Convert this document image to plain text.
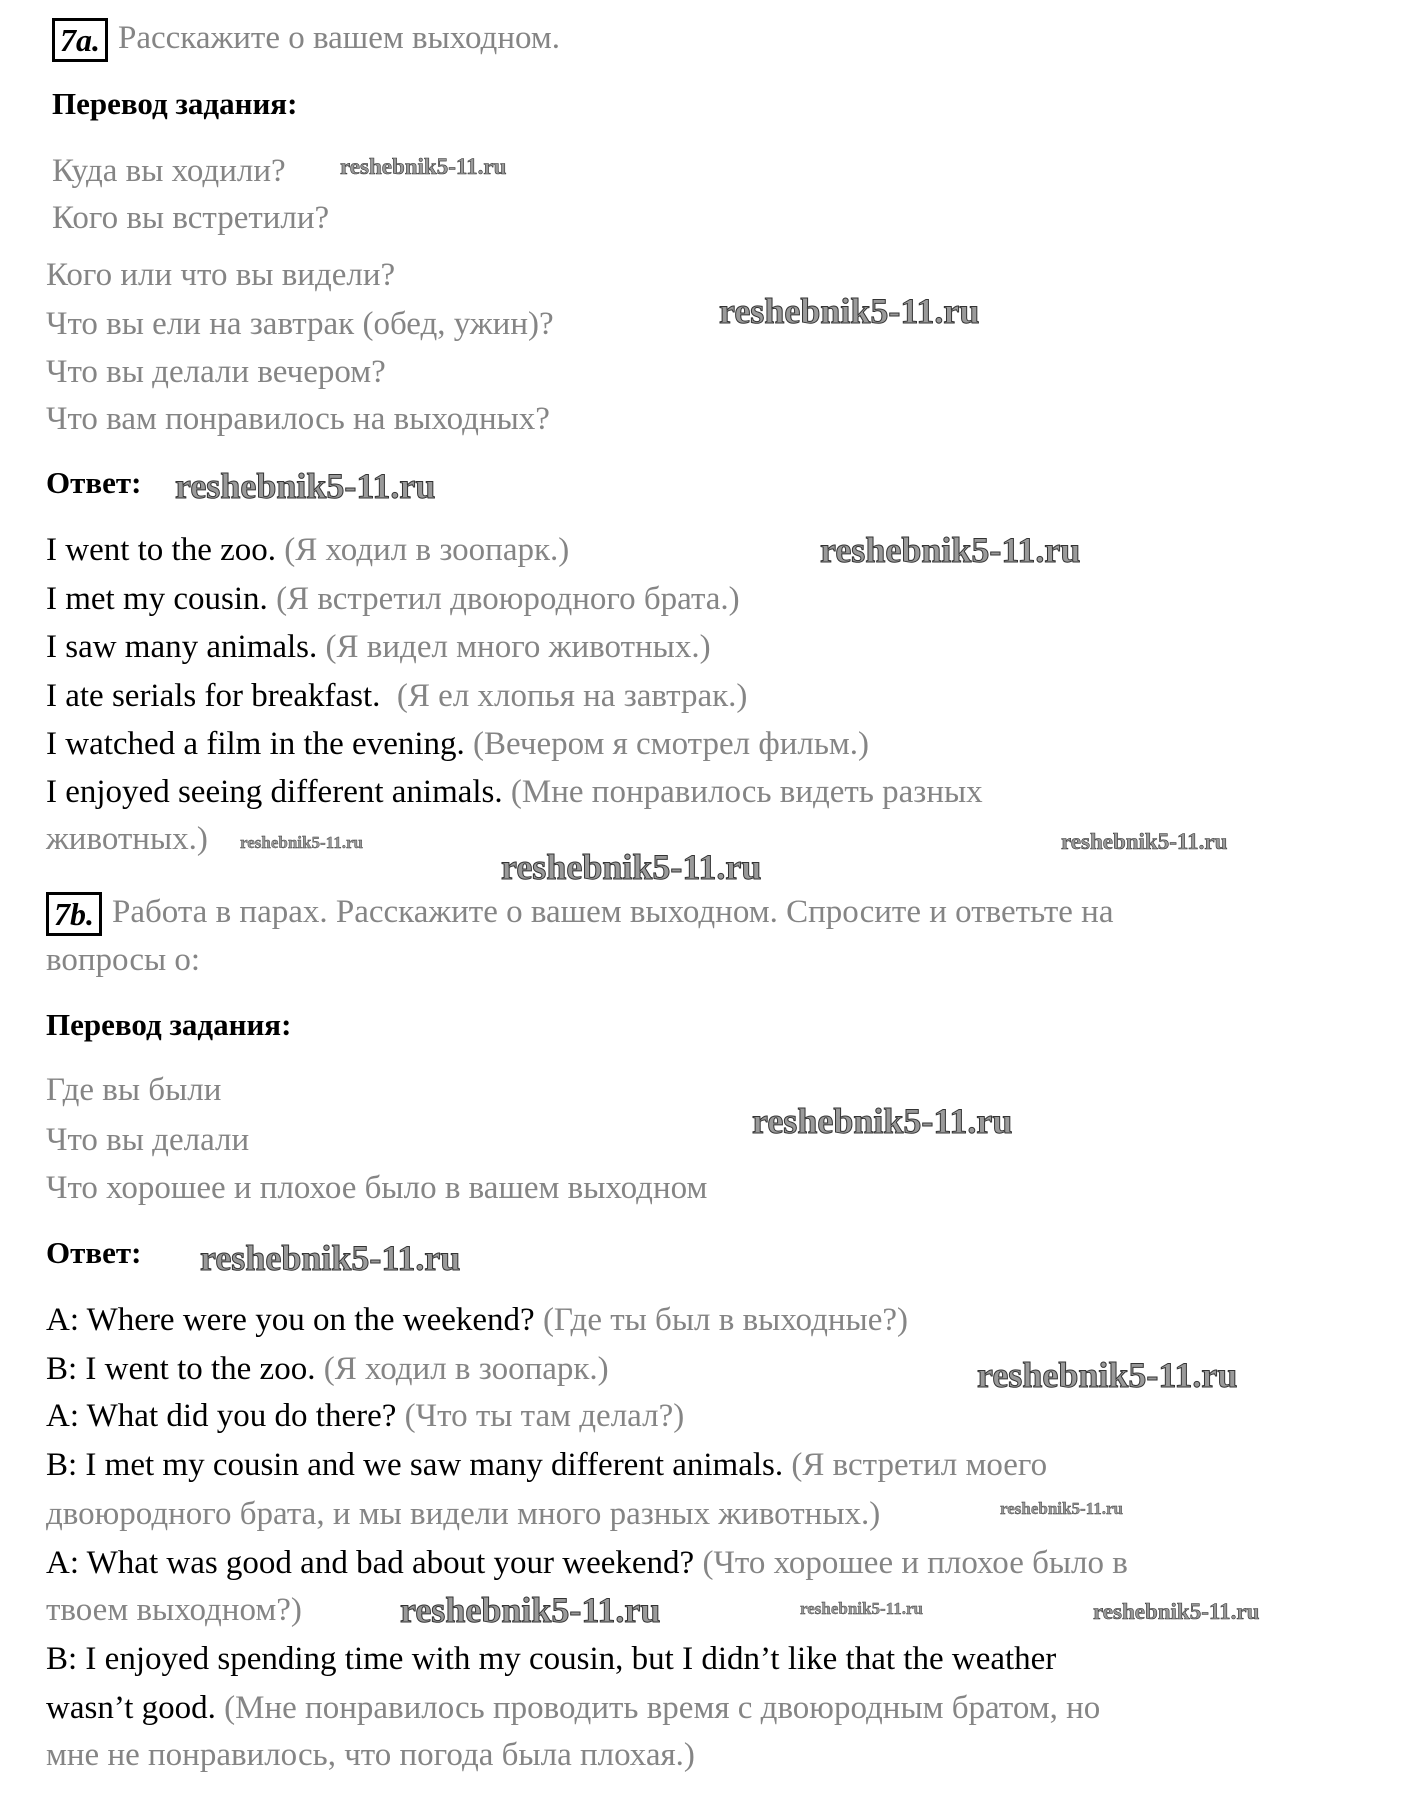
7a. Расскажите о вашем выходном.
Перевод задания:
Куда вы ходили?
Кого вы встретили?
Кого или что вы видели?
Что вы ели на завтрак (обед, ужин)?
Что вы делали вечером?
Что вам понравилось на выходных?
Ответ:
I went to the zoo. (Я ходил в зоопарк.)
I met my cousin. (Я встретил двоюродного брата.)
I saw many animals. (Я видел много животных.)
I ate serials for breakfast. (Я ел хлопья на завтрак.)
I watched a film in the evening. (Вечером я смотрел фильм.)
I enjoyed seeing different animals. (Мне понравилось видеть разных
животных.)
7b. Работа в парах. Расскажите о вашем выходном. Спросите и ответьте на
вопросы о:
Перевод задания:
Где вы были
Что вы делали
Что хорошее и плохое было в вашем выходном
Ответ:
A: Where were you on the weekend? (Где ты был в выходные?)
B: I went to the zoo. (Я ходил в зоопарк.)
A: What did you do there? (Что ты там делал?)
B: I met my cousin and we saw many different animals. (Я встретил моего
двоюродного брата, и мы видели много разных животных.)
A: What was good and bad about your weekend? (Что хорошее и плохое было в
твоем выходном?)
B: I enjoyed spending time with my cousin, but I didn’t like that the weather
wasn’t good. (Мне понравилось проводить время с двоюродным братом, но
мне не понравилось, что погода была плохая.)
reshebnik5-11.ru
reshebnik5-11.ru
reshebnik5-11.ru
reshebnik5-11.ru
reshebnik5-11.ru
reshebnik5-11.ru
reshebnik5-11.ru
reshebnik5-11.ru
reshebnik5-11.ru
reshebnik5-11.ru
reshebnik5-11.ru
reshebnik5-11.ru	reshebnik5-11.ru
reshebnik5-11.ru
